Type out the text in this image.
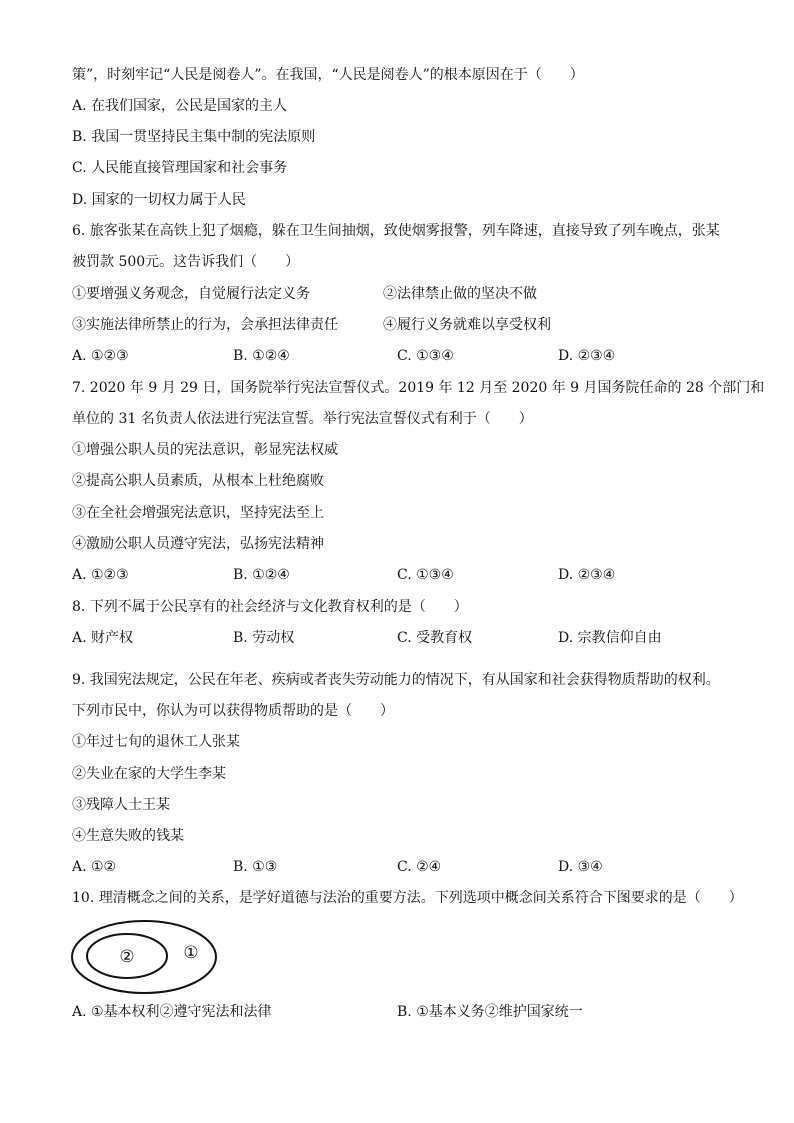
策”，时刻牢记“人民是阅卷人”。在我国，“人民是阅卷人”的根本原因在于（　　）
A. 在我们国家，公民是国家的主人
B. 我国一贯坚持民主集中制的宪法原则
C. 人民能直接管理国家和社会事务
D. 国家的一切权力属于人民
6. 旅客张某在高铁上犯了烟瘾，躲在卫生间抽烟，致使烟雾报警，列车降速，直接导致了列车晚点，张某
被罚款 500元。这告诉我们（　　）
①要增强义务观念，自觉履行法定义务	②法律禁止做的坚决不做
③实施法律所禁止的行为，会承担法律责任	④履行义务就难以享受权利
A. ①②③	B. ①②④	C. ①③④	D. ②③④
7. 2020 年 9 月 29 日，国务院举行宪法宣誓仪式。2019 年 12 月至 2020 年 9 月国务院任命的 28 个部门和
单位的 31 名负责人依法进行宪法宣誓。举行宪法宣誓仪式有利于（　　）
①增强公职人员的宪法意识，彰显宪法权威
②提高公职人员素质，从根本上杜绝腐败
③在全社会增强宪法意识，坚持宪法至上
④激励公职人员遵守宪法，弘扬宪法精神
A. ①②③	B. ①②④	C. ①③④	D. ②③④
8. 下列不属于公民享有的社会经济与文化教育权利的是（　　）
A. 财产权	B. 劳动权	C. 受教育权	D. 宗教信仰自由
9. 我国宪法规定，公民在年老、疾病或者丧失劳动能力的情况下，有从国家和社会获得物质帮助的权利。
下列市民中，你认为可以获得物质帮助的是（　　）
①年过七旬的退休工人张某
②失业在家的大学生李某
③残障人士王某
④生意失败的钱某
A. ①②	B. ①③	C. ②④	D. ③④
10. 理清概念之间的关系，是学好道德与法治的重要方法。下列选项中概念间关系符合下图要求的是（　　）
②	①
A. ①基本权利②遵守宪法和法律	B. ①基本义务②维护国家统一
